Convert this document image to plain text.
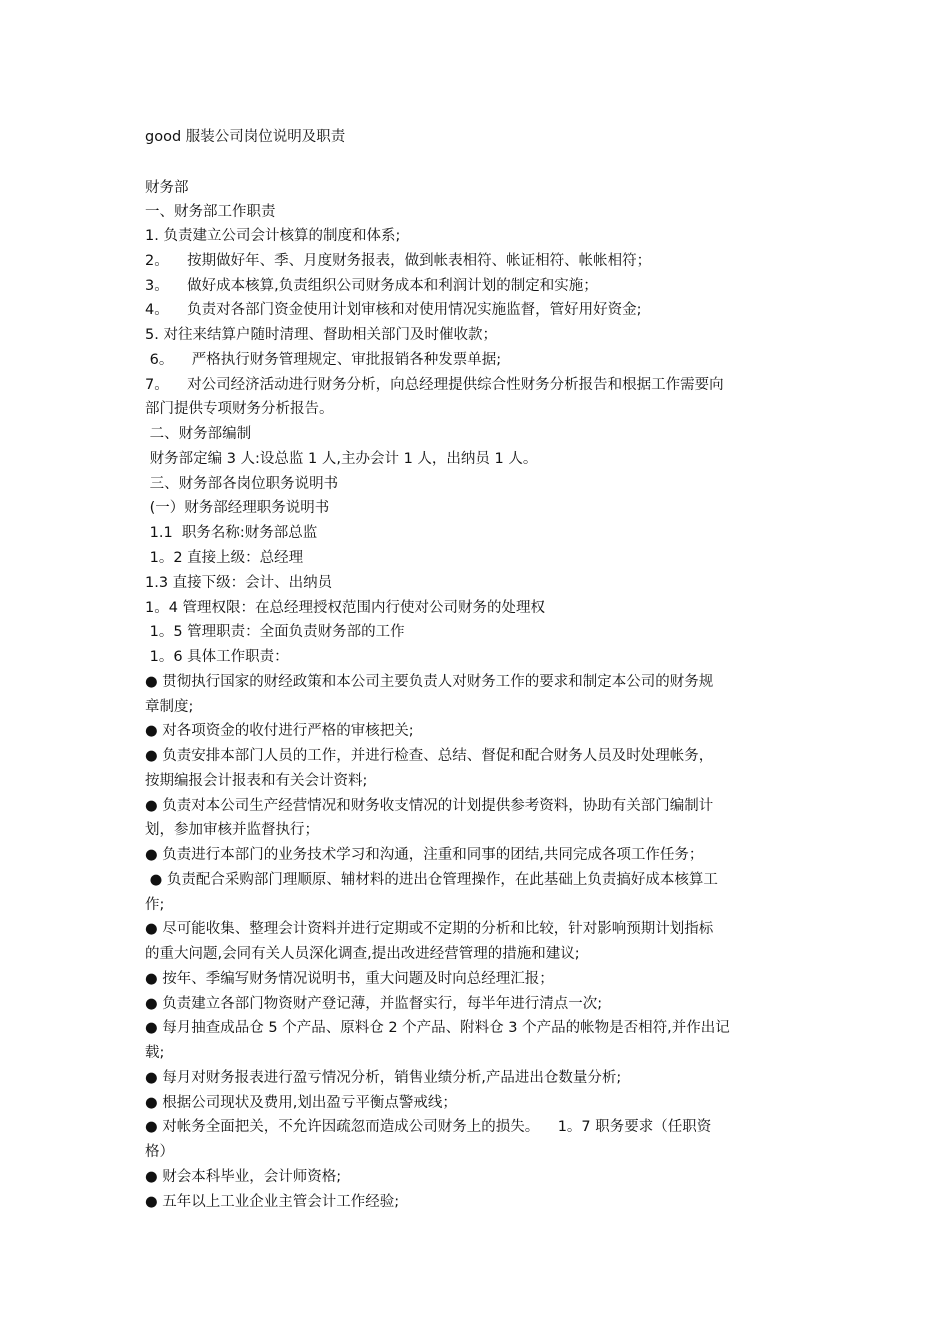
good 服装公司岗位说明及职责
财务部
一、财务部工作职责
1. 负责建立公司会计核算的制度和体系;
2。    按期做好年、季、月度财务报表，做到帐表相符、帐证相符、帐帐相符；
3。    做好成本核算,负责组织公司财务成本和利润计划的制定和实施；
4。    负责对各部门资金使用计划审核和对使用情况实施监督，管好用好资金;
5. 对往来结算户随时清理、督助相关部门及时催收款；
6。    严格执行财务管理规定、审批报销各种发票单据;
7。    对公司经济活动进行财务分析，向总经理提供综合性财务分析报告和根据工作需要向
部门提供专项财务分析报告。
二、财务部编制
财务部定编 3 人:设总监 1 人,主办会计 1 人，出纳员 1 人。
三、财务部各岗位职务说明书
(一）财务部经理职务说明书
1.1  职务名称:财务部总监
1。2 直接上级：总经理
1.3 直接下级：会计、出纳员
1。4 管理权限：在总经理授权范围内行使对公司财务的处理权
1。5 管理职责：全面负责财务部的工作
1。6 具体工作职责：
● 贯彻执行国家的财经政策和本公司主要负责人对财务工作的要求和制定本公司的财务规
章制度;
● 对各项资金的收付进行严格的审核把关;
● 负责安排本部门人员的工作，并进行检查、总结、督促和配合财务人员及时处理帐务，
按期编报会计报表和有关会计资料;
● 负责对本公司生产经营情况和财务收支情况的计划提供参考资料，协助有关部门编制计
划，参加审核并监督执行；
● 负责进行本部门的业务技术学习和沟通，注重和同事的团结,共同完成各项工作任务；
● 负责配合采购部门理顺原、辅材料的进出仓管理操作，在此基础上负责搞好成本核算工
作;
● 尽可能收集、整理会计资料并进行定期或不定期的分析和比较，针对影响预期计划指标
的重大问题,会同有关人员深化调查,提出改进经营管理的措施和建议;
● 按年、季编写财务情况说明书，重大问题及时向总经理汇报；
● 负责建立各部门物资财产登记薄，并监督实行，每半年进行清点一次;
● 每月抽查成品仓 5 个产品、原料仓 2 个产品、附料仓 3 个产品的帐物是否相符,并作出记
载;
● 每月对财务报表进行盈亏情况分析，销售业绩分析,产品进出仓数量分析;
● 根据公司现状及费用,划出盈亏平衡点警戒线；
● 对帐务全面把关，不允许因疏忽而造成公司财务上的损失。    1。7 职务要求（任职资
格）
● 财会本科毕业，会计师资格;
● 五年以上工业企业主管会计工作经验;
